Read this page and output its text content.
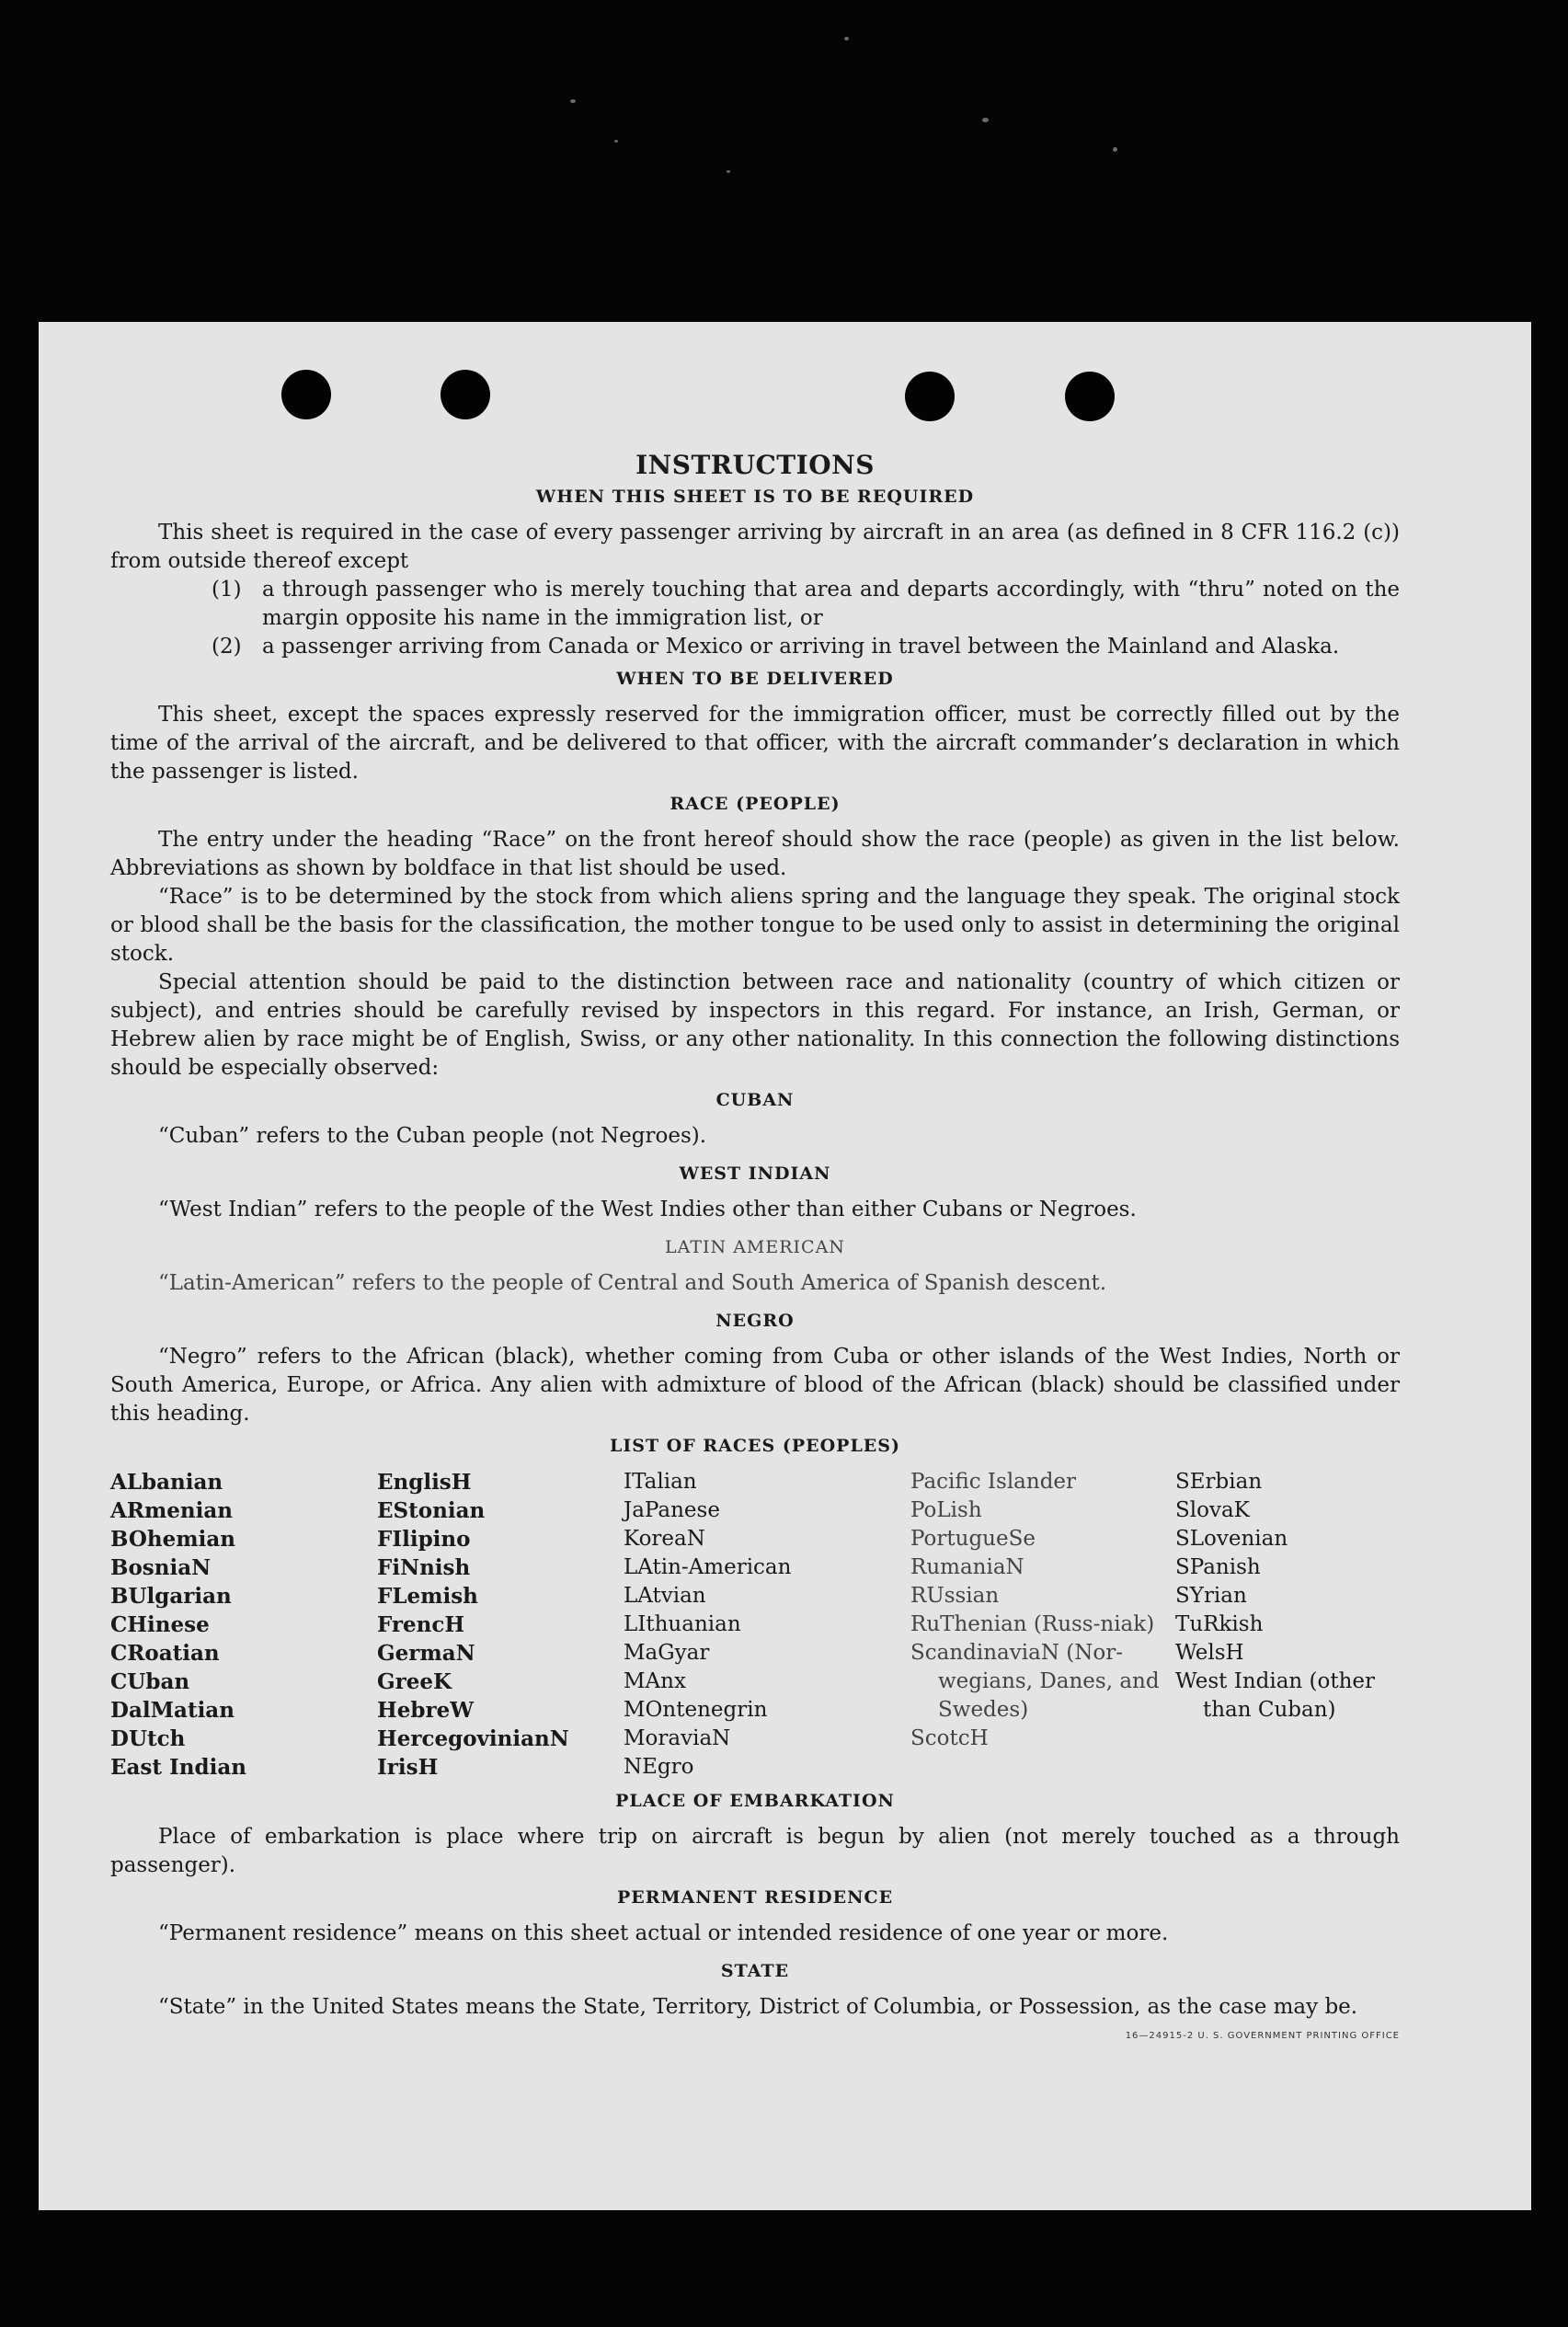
INSTRUCTIONS
WHEN THIS SHEET IS TO BE REQUIRED

This sheet is required in the case of every passenger arriving by aircraft in an area (as defined in 8 CFR 116.2 (c)) from outside thereof except

(1) a through passenger who is merely touching that area and departs accordingly, with “thru” noted on the margin opposite his name in the immigration list, or
(2) a passenger arriving from Canada or Mexico or arriving in travel between the Mainland and Alaska.
WHEN TO BE DELIVERED

This sheet, except the spaces expressly reserved for the immigration officer, must be correctly filled out by the time of the arrival of the aircraft, and be delivered to that officer, with the aircraft commander’s declaration in which the passenger is listed.

RACE (PEOPLE)

The entry under the heading “Race” on the front hereof should show the race (people) as given in the list below. Abbreviations as shown by boldface in that list should be used.

“Race” is to be determined by the stock from which aliens spring and the language they speak. The original stock or blood shall be the basis for the classification, the mother tongue to be used only to assist in determining the original stock.

Special attention should be paid to the distinction between race and nationality (country of which citizen or subject), and entries should be carefully revised by inspectors in this regard. For instance, an Irish, German, or Hebrew alien by race might be of English, Swiss, or any other nationality. In this connection the following distinctions should be especially observed:

CUBAN

“Cuban” refers to the Cuban people (not Negroes).

WEST INDIAN

“West Indian” refers to the people of the West Indies other than either Cubans or Negroes.

LATIN AMERICAN

“Latin-American” refers to the people of Central and South America of Spanish descent.

NEGRO

“Negro” refers to the African (black), whether coming from Cuba or other islands of the West Indies, North or South America, Europe, or Africa. Any alien with admixture of blood of the African (black) should be classified under this heading.

LIST OF RACES (PEOPLES)
ALbanian
ARmenian
BOhemian
BosniaN
BUlgarian
CHinese
CRoatian
CUban
DalMatian
DUtch
East Indian
EnglisH
EStonian
FIlipino
FiNnish
FLemish
FrencH
GermaN
GreeK
HebreW
HercegovinianN
IrisH
ITalian
JaPanese
KoreaN
LAtin-American
LAtvian
LIthuanian
MaGyar
MAnx
MOntenegrin
MoraviaN
NEgro
Pacific Islander
PoLish
PortugueSe
RumaniaN
RUssian
RuThenian (Russ-niak)
ScandinaviaN (Nor-wegians, Danes, and Swedes)
ScotcH
SErbian
SlovaK
SLovenian
SPanish
SYrian
TuRkish
WelsH
West Indian (other than Cuban)
PLACE OF EMBARKATION

Place of embarkation is place where trip on aircraft is begun by alien (not merely touched as a through passenger).

PERMANENT RESIDENCE

“Permanent residence” means on this sheet actual or intended residence of one year or more.

STATE

“State” in the United States means the State, Territory, District of Columbia, or Possession, as the case may be.

16—24915-2 U. S. GOVERNMENT PRINTING OFFICE
